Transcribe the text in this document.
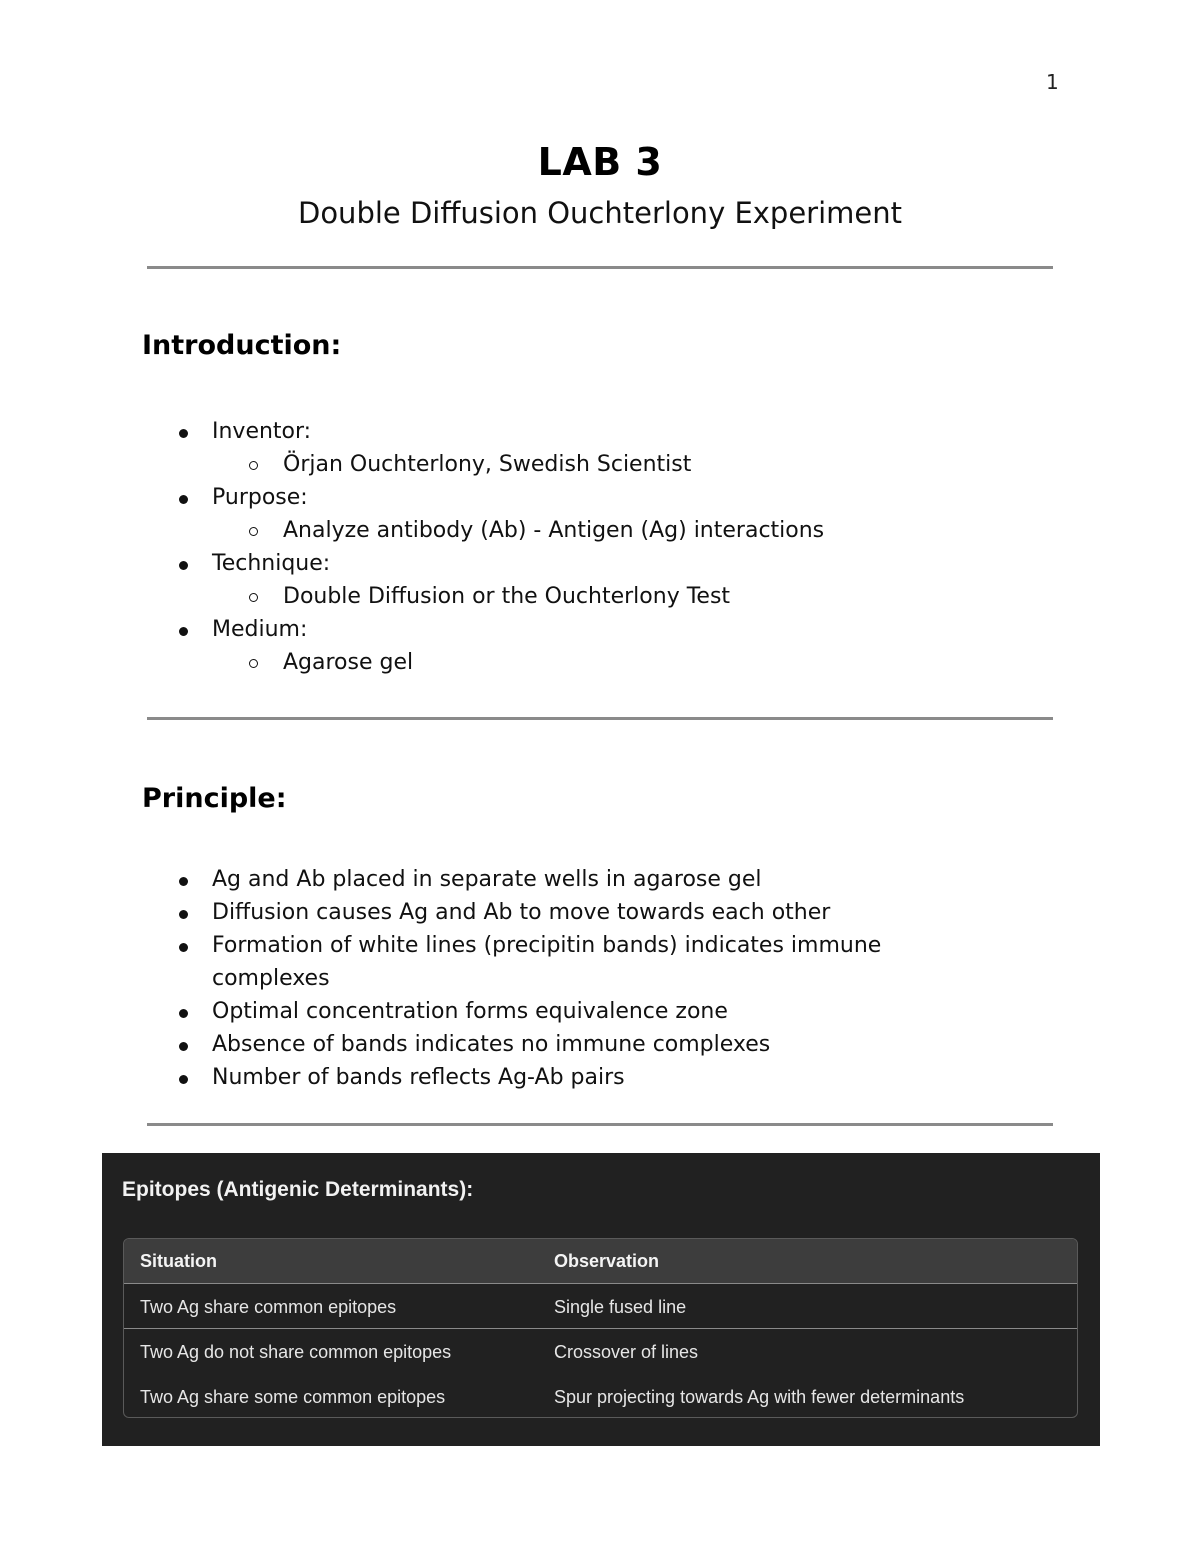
1
LAB 3
Double Diffusion Ouchterlony Experiment
Introduction:
Inventor:
Örjan Ouchterlony, Swedish Scientist
Purpose:
Analyze antibody (Ab) - Antigen (Ag) interactions
Technique:
Double Diffusion or the Ouchterlony Test
Medium:
Agarose gel
Principle:
Ag and Ab placed in separate wells in agarose gel
Diffusion causes Ag and Ab to move towards each other
Formation of white lines (precipitin bands) indicates immune complexes
Optimal concentration forms equivalence zone
Absence of bands indicates no immune complexes
Number of bands reflects Ag-Ab pairs
Epitopes (Antigenic Determinants):
Situation	Observation
Two Ag share common epitopes	Single fused line
Two Ag do not share common epitopes	Crossover of lines
Two Ag share some common epitopes	Spur projecting towards Ag with fewer determinants
